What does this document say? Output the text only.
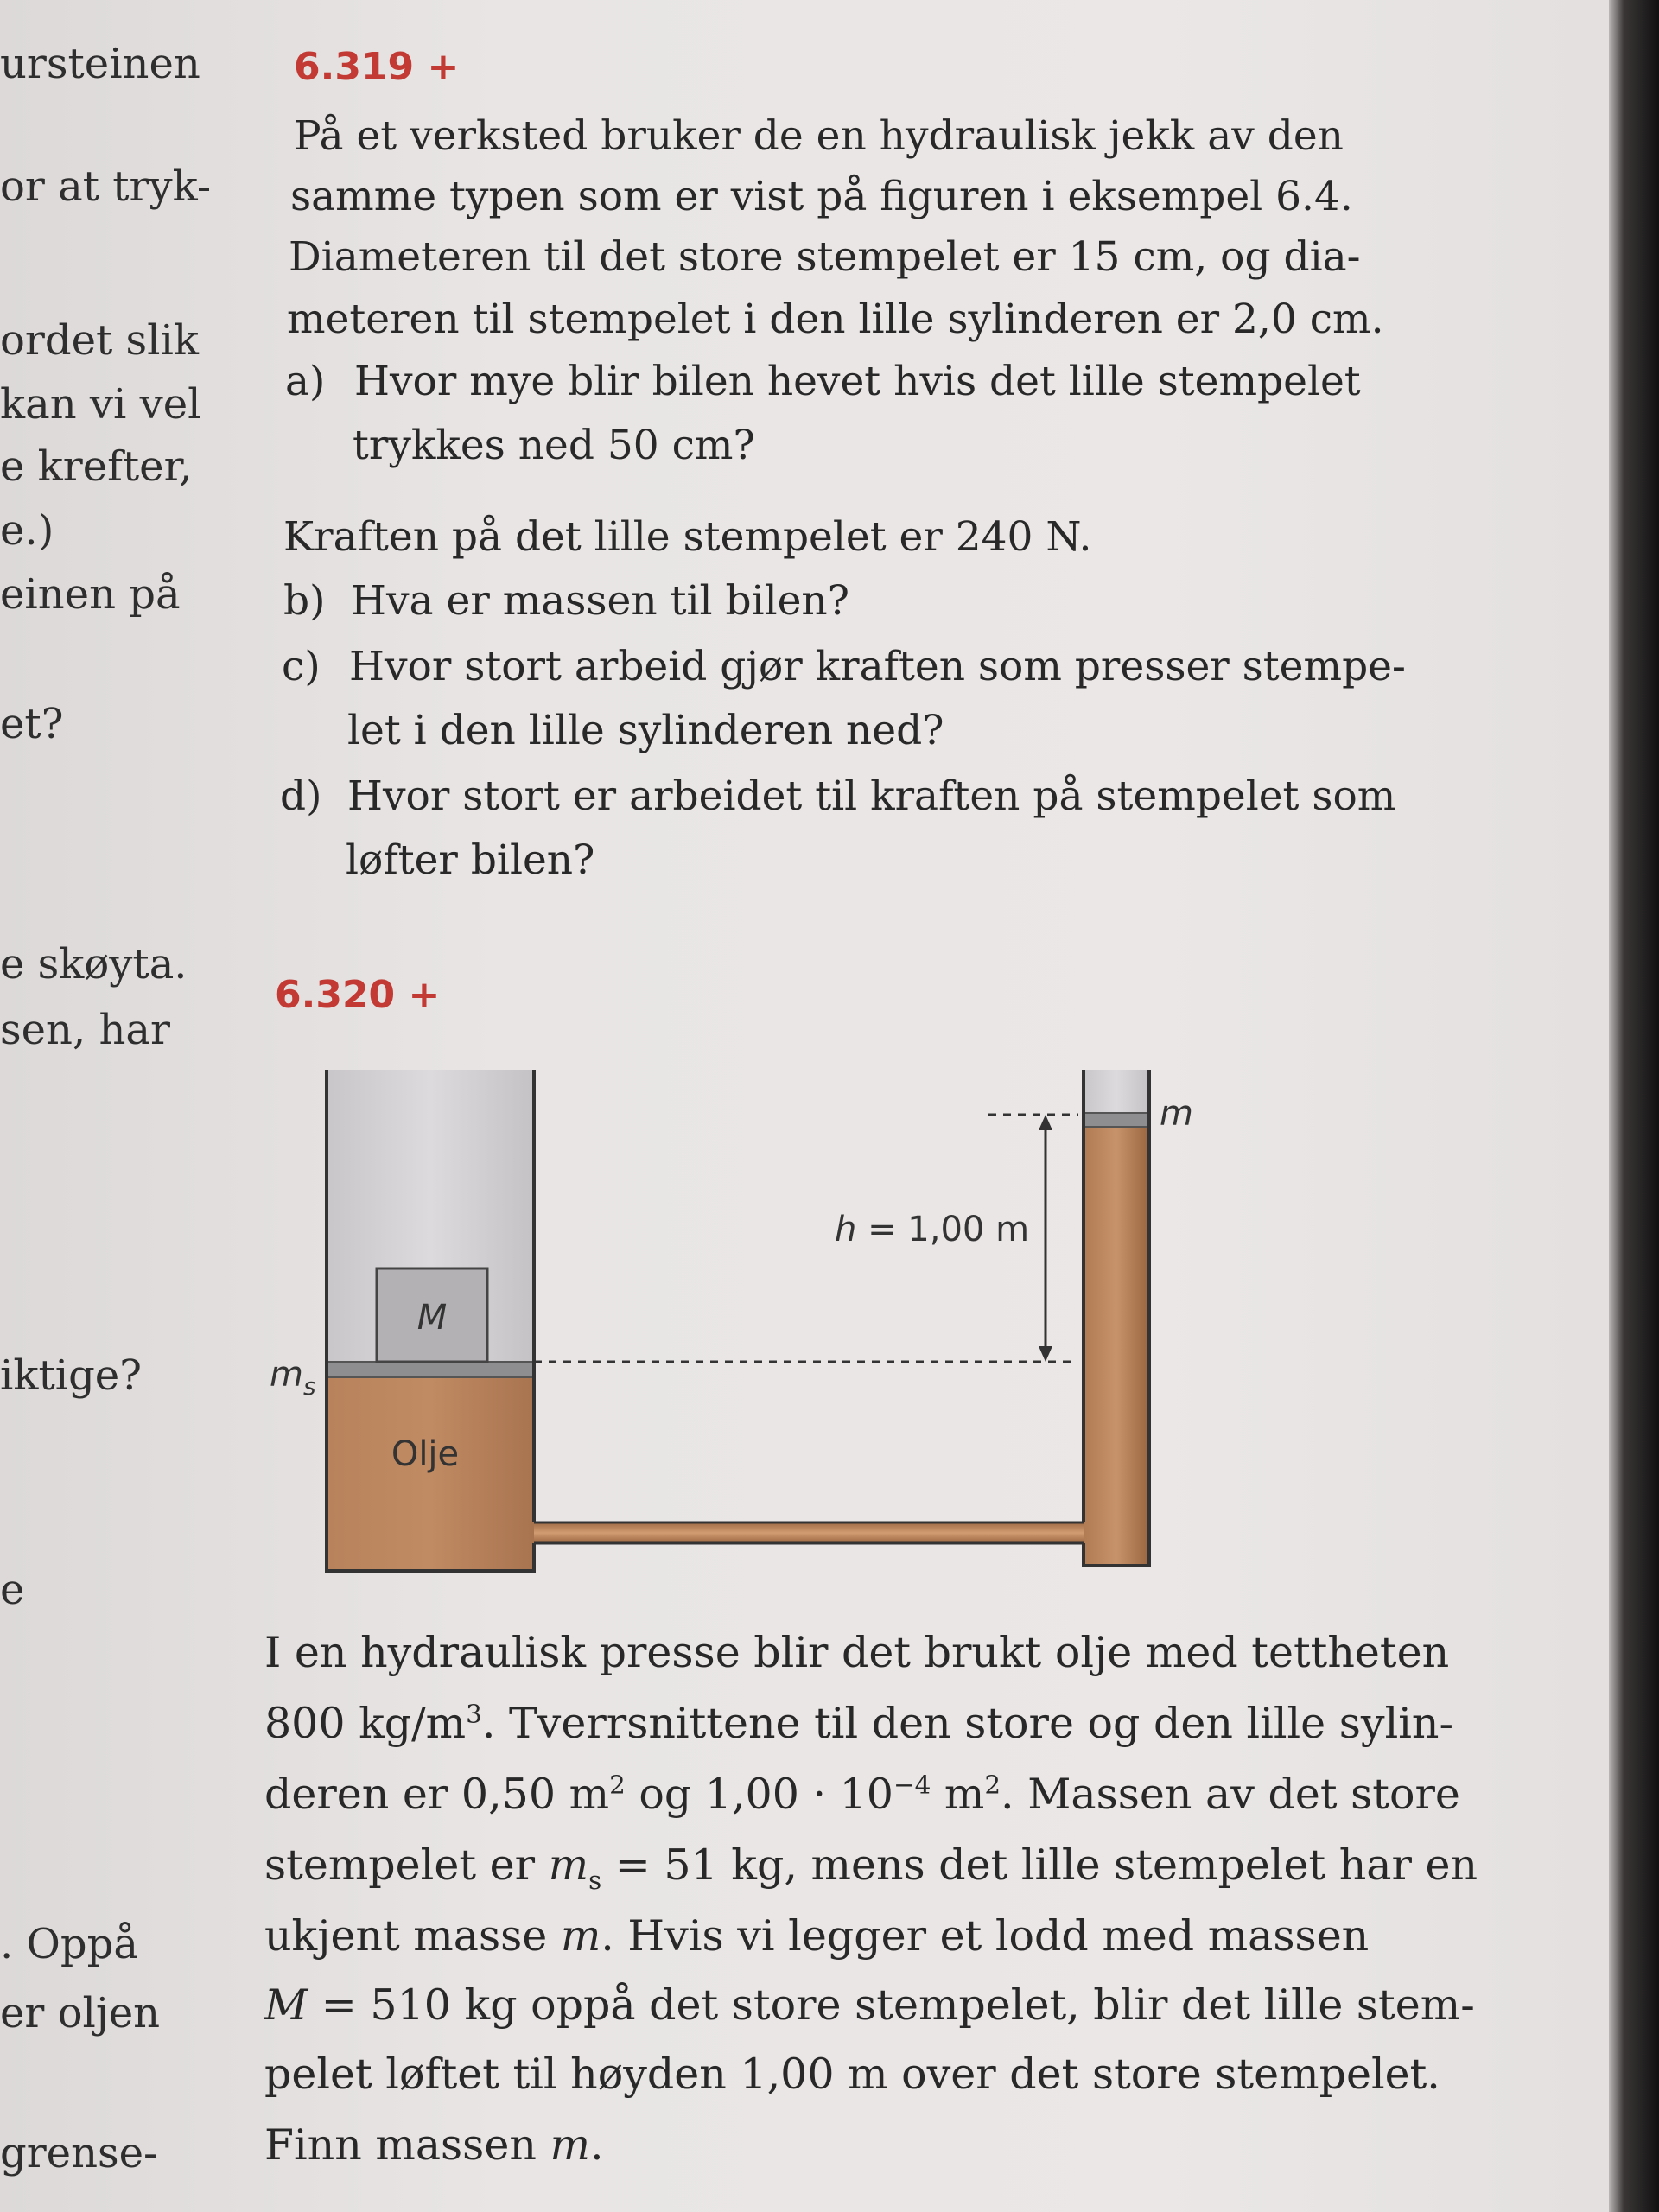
ursteinen
or at tryk-
ordet slik
kan vi vel
e krefter,
e.)
einen på
et?
e skøyta.
sen, har
iktige?
e
. Oppå
er oljen
grense-
6.319 +
På et verksted bruker de en hydraulisk jekk av den
samme typen som er vist på figuren i eksempel 6.4.
Diameteren til det store stempelet er 15 cm, og dia-
meteren til stempelet i den lille sylinderen er 2,0 cm.
a) Hvor mye blir bilen hevet hvis det lille stempelet
trykkes ned 50 cm?
Kraften på det lille stempelet er 240 N.
b) Hva er massen til bilen?
c) Hvor stort arbeid gjør kraften som presser stempe-
let i den lille sylinderen ned?
d) Hvor stort er arbeidet til kraften på stempelet som
løfter bilen?
6.320 +
M
Olje
$m_s$
m
h = 1,00 m
I en hydraulisk presse blir det brukt olje med tettheten
800 $kg/m^3$. Tverrsnittene til den store og den lille sylin-
deren er 0,50 $m^2$ og $1,00 \cdot 10^{-4}$ $m^2$. Massen av det store
stempelet er $m_s = 51$ kg, mens det lille stempelet har en
ukjent masse m. Hvis vi legger et lodd med massen
M = 510 kg oppå det store stempelet, blir det lille stem-
pelet løftet til høyden 1,00 m over det store stempelet.
Finn massen m.
